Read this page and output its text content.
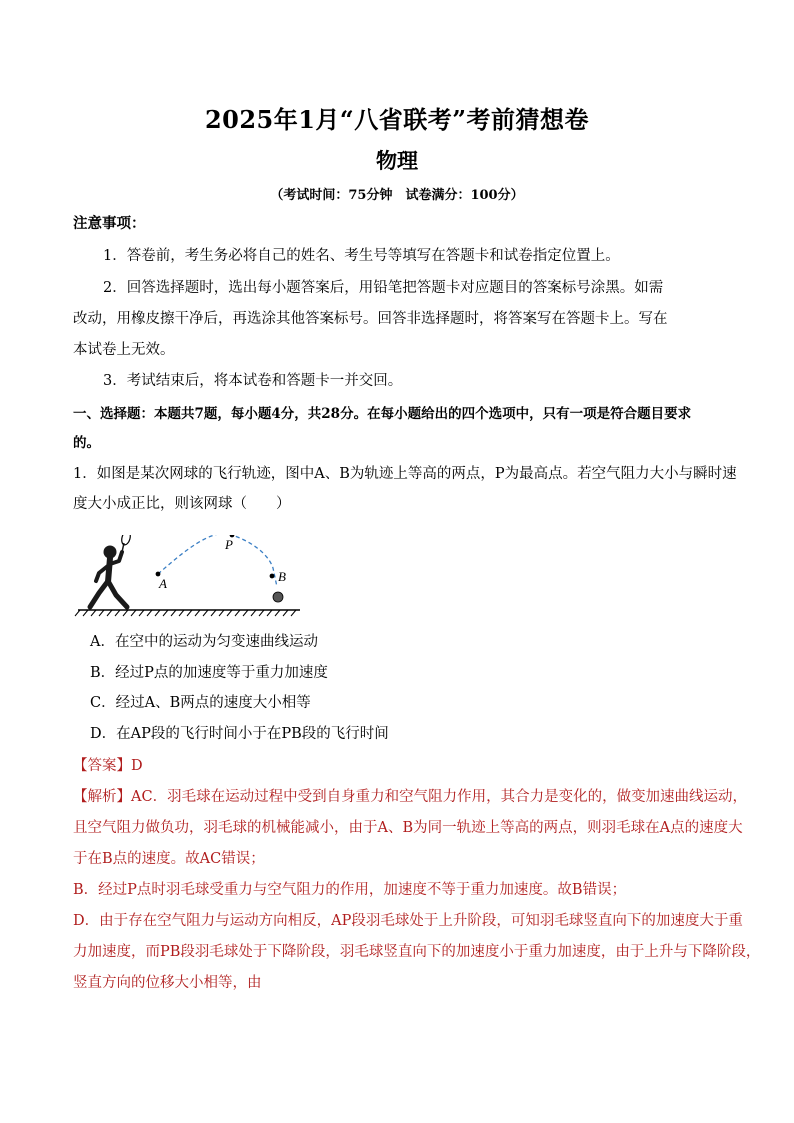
2025年1月“八省联考”考前猜想卷
物理
（考试时间：75分钟　试卷满分：100分）
注意事项：
1．答卷前，考生务必将自己的姓名、考生号等填写在答题卡和试卷指定位置上。
2．回答选择题时，选出每小题答案后，用铅笔把答题卡对应题目的答案标号涂黑。如需
改动，用橡皮擦干净后，再选涂其他答案标号。回答非选择题时，将答案写在答题卡上。写在
本试卷上无效。
3．考试结束后，将本试卷和答题卡一并交回。
一、选择题：本题共7题，每小题4分，共28分。在每小题给出的四个选项中，只有一项是符合题目要求
的。
1．如图是某次网球的飞行轨迹，图中A、B为轨迹上等高的两点，P为最高点。若空气阻力大小与瞬时速
度大小成正比，则该网球（　　）
A
P
B
A．在空中的运动为匀变速曲线运动
B．经过P点的加速度等于重力加速度
C．经过A、B两点的速度大小相等
D．在AP段的飞行时间小于在PB段的飞行时间
【答案】D
【解析】AC．羽毛球在运动过程中受到自身重力和空气阻力作用，其合力是变化的，做变加速曲线运动，
且空气阻力做负功，羽毛球的机械能减小，由于A、B为同一轨迹上等高的两点，则羽毛球在A点的速度大
于在B点的速度。故AC错误；
B．经过P点时羽毛球受重力与空气阻力的作用，加速度不等于重力加速度。故B错误；
D．由于存在空气阻力与运动方向相反，AP段羽毛球处于上升阶段，可知羽毛球竖直向下的加速度大于重
力加速度，而PB段羽毛球处于下降阶段，羽毛球竖直向下的加速度小于重力加速度，由于上升与下降阶段，
竖直方向的位移大小相等，由
